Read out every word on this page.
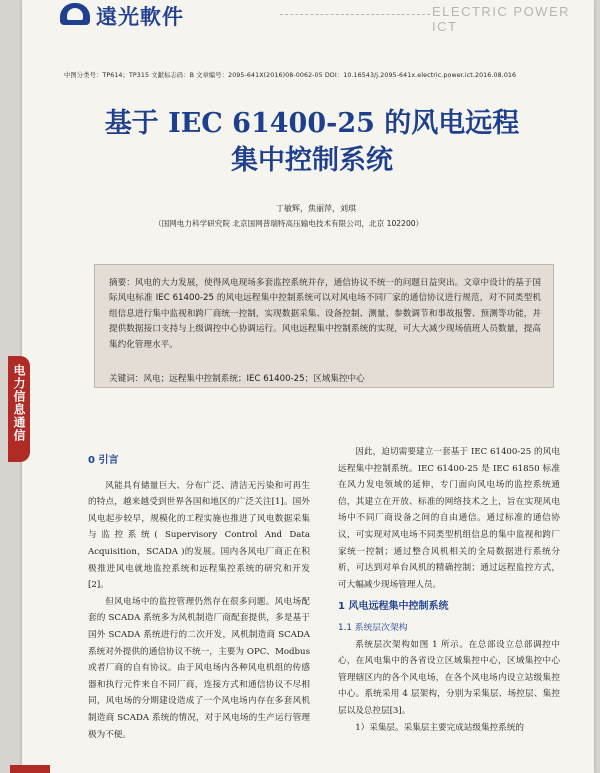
遠光軟件	ELECTRIC POWER ICT
中图分类号：TP614；TP315 文献标志码：B 文章编号：2095-641X(2016)08-0062-05 DOI：10.16543/j.2095-641x.electric.power.ict.2016.08.016
基于 IEC 61400-25 的风电远程
集中控制系统
丁敏辉，焦丽萍，刘琪
（国网电力科学研究院 北京国网普瑞特高压输电技术有限公司，北京 102200）
摘要：风电的大力发展，使得风电现场多套监控系统并存，通信协议不统一的问题日益突出。文章中设计的基于国际风电标准 IEC 61400-25 的风电远程集中控制系统可以对风电场不同厂家的通信协议进行规范，对不同类型机组信息进行集中监视和跨厂商统一控制，实现数据采集、设备控制、测量、参数调节和事故报警、预测等功能，并提供数据接口支持与上级调控中心协调运行。风电远程集中控制系统的实现，可大大减少现场值班人员数量，提高集约化管理水平。
关键词：风电；远程集中控制系统；IEC 61400-25；区域集控中心

0 引言

风能具有储量巨大、分布广泛、清洁无污染和可再生的特点，越来越受到世界各国和地区的广泛关注[1]。国外风电起步较早，规模化的工程实施也推进了风电数据采集与监控系统( Supervisory Control And Data Acquisition，SCADA )的发展。国内各风电厂商正在积极推进风电就地监控系统和远程集控系统的研究和开发[2]。

但风电场中的监控管理仍然存在很多问题。风电场配套的 SCADA 系统多为风机制造厂商配套提供，多是基于国外 SCADA 系统进行的二次开发，风机制造商 SCADA 系统对外提供的通信协议不统一，主要为 OPC、Modbus 或者厂商的自有协议。由于风电场内各种风电机组的传感器和执行元件来自不同厂商，连接方式和通信协议不尽相同，风电场的分期建设造成了一个风电场内存在多套风机制造商 SCADA 系统的情况，对于风电场的生产运行管理极为不便。

因此，迫切需要建立一套基于 IEC 61400-25 的风电远程集中控制系统。IEC 61400-25 是 IEC 61850 标准在风力发电领域的延伸，专门面向风电场的监控系统通信，其建立在开放、标准的网络技术之上，旨在实现风电场中不同厂商设备之间的自由通信。通过标准的通信协议，可实现对风电场不同类型机组信息的集中监视和跨厂家统一控制；通过整合风机相关的全局数据进行系统分析，可达到对单台风机的精确控制；通过远程监控方式，可大幅减少现场管理人员。

1 风电远程集中控制系统

1.1 系统层次架构

系统层次架构如图 1 所示。在总部设立总部调控中心，在风电集中的各省设立区域集控中心，区域集控中心管理辖区内的各个风电场，在各个风电场内设立站级集控中心。系统采用 4 层架构，分别为采集层、场控层、集控层以及总控层[3]。

1）采集层。采集层主要完成站级集控系统的

电力信息通信
